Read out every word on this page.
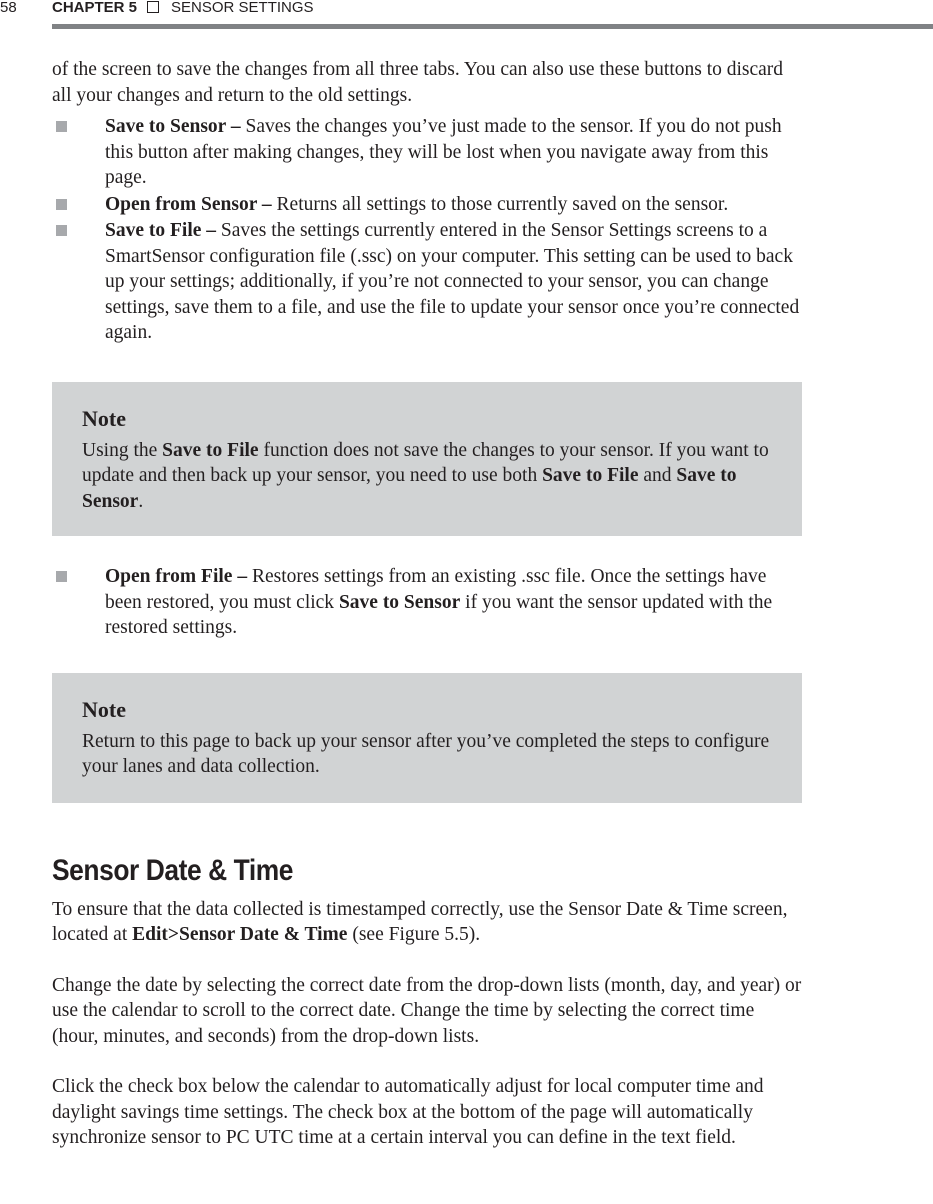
58 CHAPTER 5 SENSOR SETTINGS

of the screen to save the changes from all three tabs. You can also use these buttons to discard all your changes and return to the old settings.

Save to Sensor – Saves the changes you’ve just made to the sensor. If you do not push this button after making changes, they will be lost when you navigate away from this page.
Open from Sensor – Returns all settings to those currently saved on the sensor.
Save to File – Saves the settings currently entered in the Sensor Settings screens to a SmartSensor configuration file (.ssc) on your computer. This setting can be used to back up your settings; additionally, if you’re not connected to your sensor, you can change settings, save them to a file, and use the file to update your sensor once you’re connected again.
Note

Using the Save to File function does not save the changes to your sensor. If you want to update and then back up your sensor, you need to use both Save to File and Save to Sensor.

Open from File – Restores settings from an existing .ssc file. Once the settings have been restored, you must click Save to Sensor if you want the sensor updated with the restored settings.
Note

Return to this page to back up your sensor after you’ve completed the steps to configure your lanes and data collection.

Sensor Date & Time

To ensure that the data collected is timestamped correctly, use the Sensor Date & Time screen, located at Edit>Sensor Date & Time (see Figure 5.5).

Change the date by selecting the correct date from the drop-down lists (month, day, and year) or use the calendar to scroll to the correct date. Change the time by selecting the correct time (hour, minutes, and seconds) from the drop-down lists.

Click the check box below the calendar to automatically adjust for local computer time and daylight savings time settings. The check box at the bottom of the page will automatically synchronize sensor to PC UTC time at a certain interval you can define in the text field.
